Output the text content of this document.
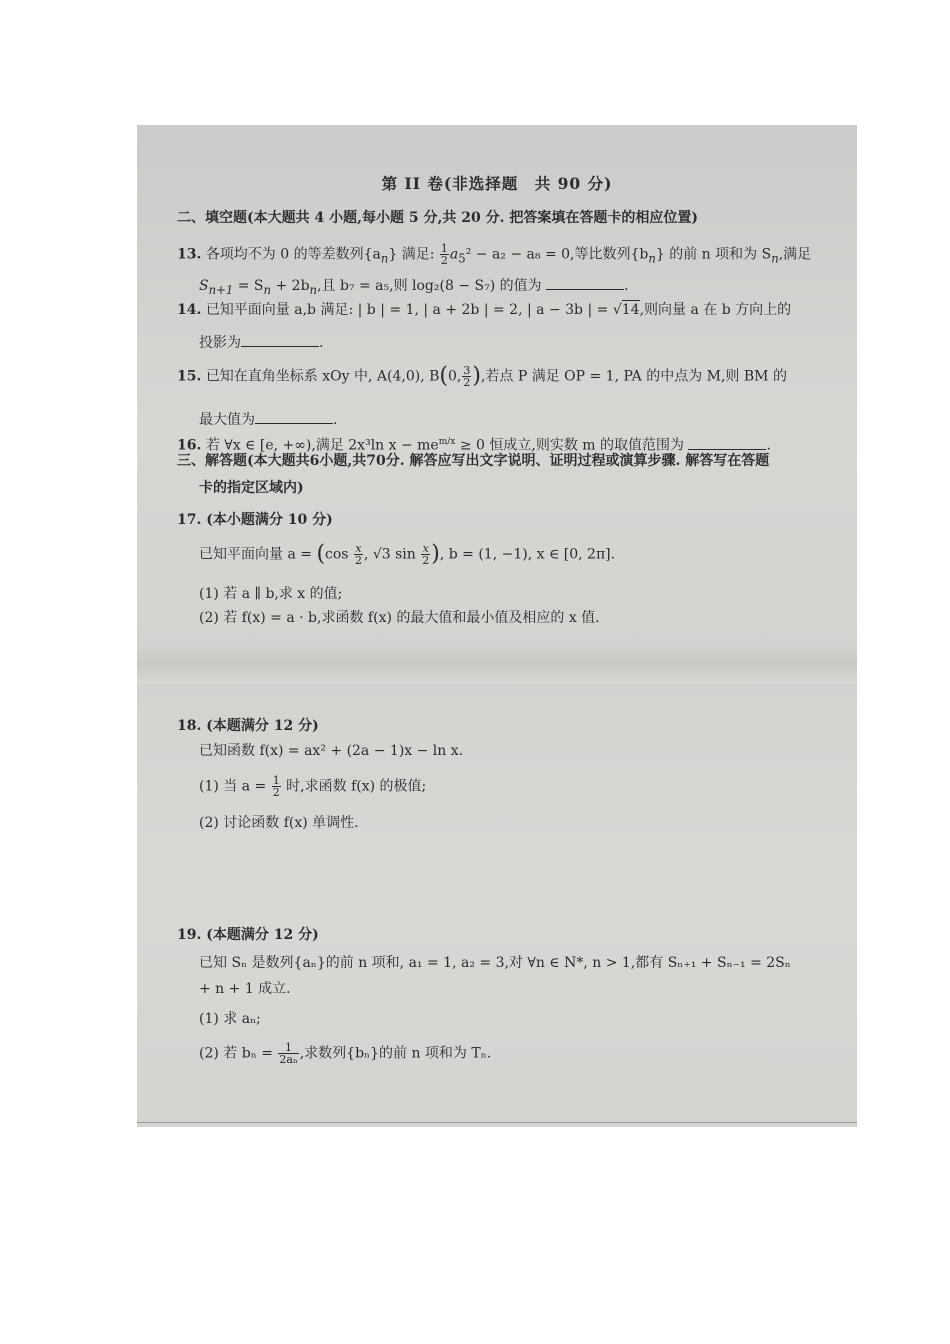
第 II 卷(非选择题　共 90 分)
二、填空题(本大题共 4 小题,每小题 5 分,共 20 分. 把答案填在答题卡的相应位置)
13. 各项均不为 0 的等差数列$\{a_n\}$ 满足: $\frac{1}{2} a_5^2 - a_2 - a_8 = 0$,等比数列$\{b_n\}$ 的前 n 项和为 $S_n$,满足
$S_{n+1} = S_n + 2b_n$,且 b₇ = a₅,则 log₂(8 − S₇) 的值为	.
14. 已知平面向量 a,b 满足: | b | = 1, | a + 2b | = 2, | a − 3b | = √14,则向量 a 在 b 方向上的
投影为	.
15. 已知在直角坐标系 xOy 中, A(4,0), B(0, $\frac{3}{2}$ ),若点 P 满足 OP = 1, PA 的中点为 M,则 BM 的
最大值为	.
16. 若 ∀x ∈ [e, +∞),满足 2x³ln $x - me^{m/x} \ge 0$ 恒成立,则实数 m 的取值范围为	.
三、解答题(本大题共6小题,共70分. 解答应写出文字说明、证明过程或演算步骤. 解答写在答题
卡的指定区域内)
17. (本小题满分 10 分)
已知平面向量 $a = (\cos \frac{x}{2}$ , √3 $\sin \frac{x}{2}$ ), b = (1, −1), x ∈ [0, 2π].
(1) 若 a ∥ b,求 x 的值;
(2) 若 f(x) = a · b,求函数 f(x) 的最大值和最小值及相应的 x 值.
18. (本题满分 12 分)
已知函数 f(x) = ax² + (2a − 1)x − ln x.
(1) 当 $a = \frac{1}{2}$ 时,求函数 f(x) 的极值;
(2) 讨论函数 f(x) 单调性.
19. (本题满分 12 分)
已知 Sₙ 是数列{aₙ}的前 n 项和, a₁ = 1, a₂ = 3,对 ∀n ∈ N*, n > 1,都有 Sₙ₊₁ + Sₙ₋₁ = 2Sₙ
+ n + 1 成立.
(1) 求 aₙ;
(2) 若 $b_n = \frac{1}{\text{2aₙ}}$ ,求数列{bₙ}的前 n 项和为 Tₙ.
